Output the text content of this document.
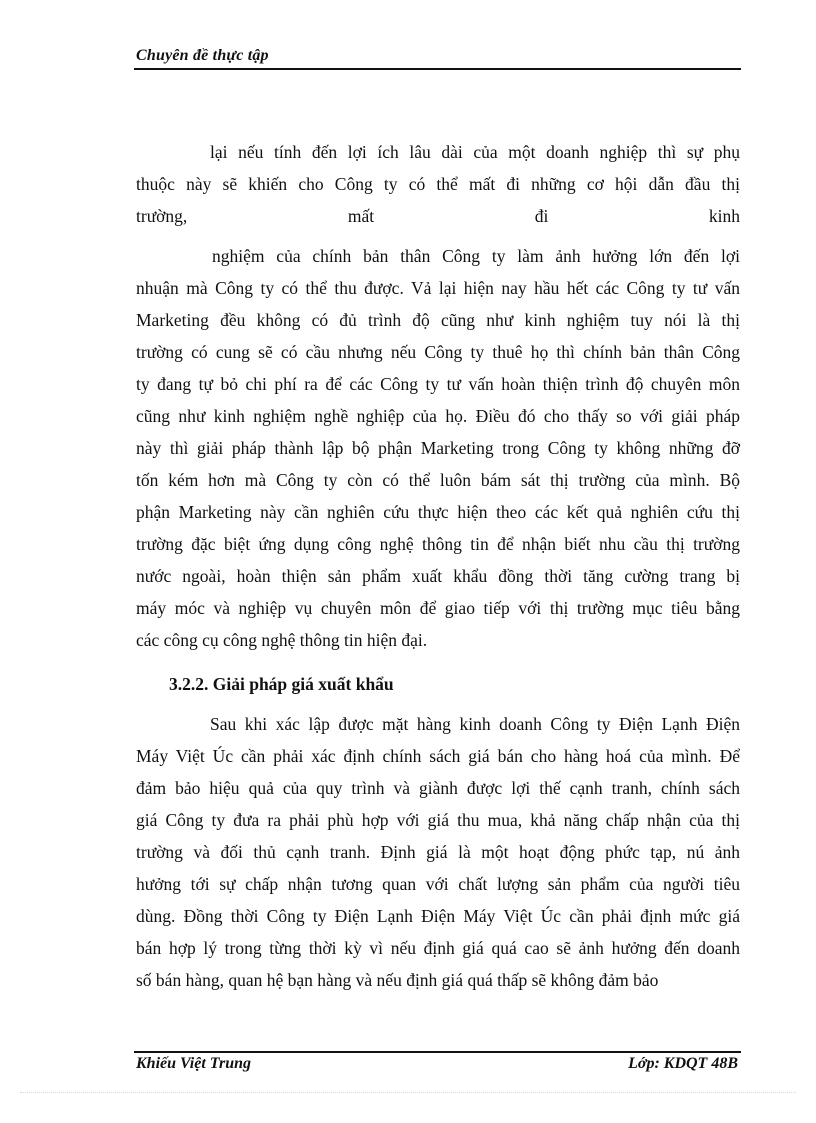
Chuyên đề thực tập
lại nếu tính đến lợi ích lâu dài của một doanh nghiệp thì sự phụ
thuộc này sẽ khiến cho Công ty có thể mất đi những cơ hội dẫn đầu thị
trường, mất đi kinh
nghiệm của chính bản thân Công ty làm ảnh hưởng lớn đến lợi
nhuận mà Công ty có thể thu được. Vả lại hiện nay hầu hết các Công ty tư vấn
Marketing đều không có đủ trình độ cũng như kinh nghiệm tuy nói là thị
trường có cung sẽ có cầu nhưng nếu Công ty thuê họ thì chính bản thân Công
ty đang tự bỏ chi phí ra để các Công ty tư vấn hoàn thiện trình độ chuyên môn
cũng như kinh nghiệm nghề nghiệp của họ. Điều đó cho thấy so với giải pháp
này thì giải pháp thành lập bộ phận Marketing trong Công ty không những đỡ
tốn kém hơn mà Công ty còn có thể luôn bám sát thị trường của mình. Bộ
phận Marketing này cần nghiên cứu thực hiện theo các kết quả nghiên cứu thị
trường đặc biệt ứng dụng công nghệ thông tin để nhận biết nhu cầu thị trường
nước ngoài, hoàn thiện sản phẩm xuất khẩu đồng thời tăng cường trang bị
máy móc và nghiệp vụ chuyên môn để giao tiếp với thị trường mục tiêu bằng
các công cụ công nghệ thông tin hiện đại.
3.2.2. Giải pháp giá xuất khẩu
Sau khi xác lập được mặt hàng kinh doanh Công ty Điện Lạnh Điện
Máy Việt Úc cần phải xác định chính sách giá bán cho hàng hoá của mình. Để
đảm bảo hiệu quả của quy trình và giành được lợi thế cạnh tranh, chính sách
giá Công ty đưa ra phải phù hợp với giá thu mua, khả năng chấp nhận của thị
trường và đối thủ cạnh tranh. Định giá là một hoạt động phức tạp, nú ảnh
hưởng tới sự chấp nhận tương quan với chất lượng sản phẩm của người tiêu
dùng. Đồng thời Công ty Điện Lạnh Điện Máy Việt Úc cần phải định mức giá
bán hợp lý trong từng thời kỳ vì nếu định giá quá cao sẽ ảnh hưởng đến doanh
số bán hàng, quan hệ bạn hàng và nếu định giá quá thấp sẽ không đảm bảo
Khiếu Việt Trung	Lớp: KDQT 48B
